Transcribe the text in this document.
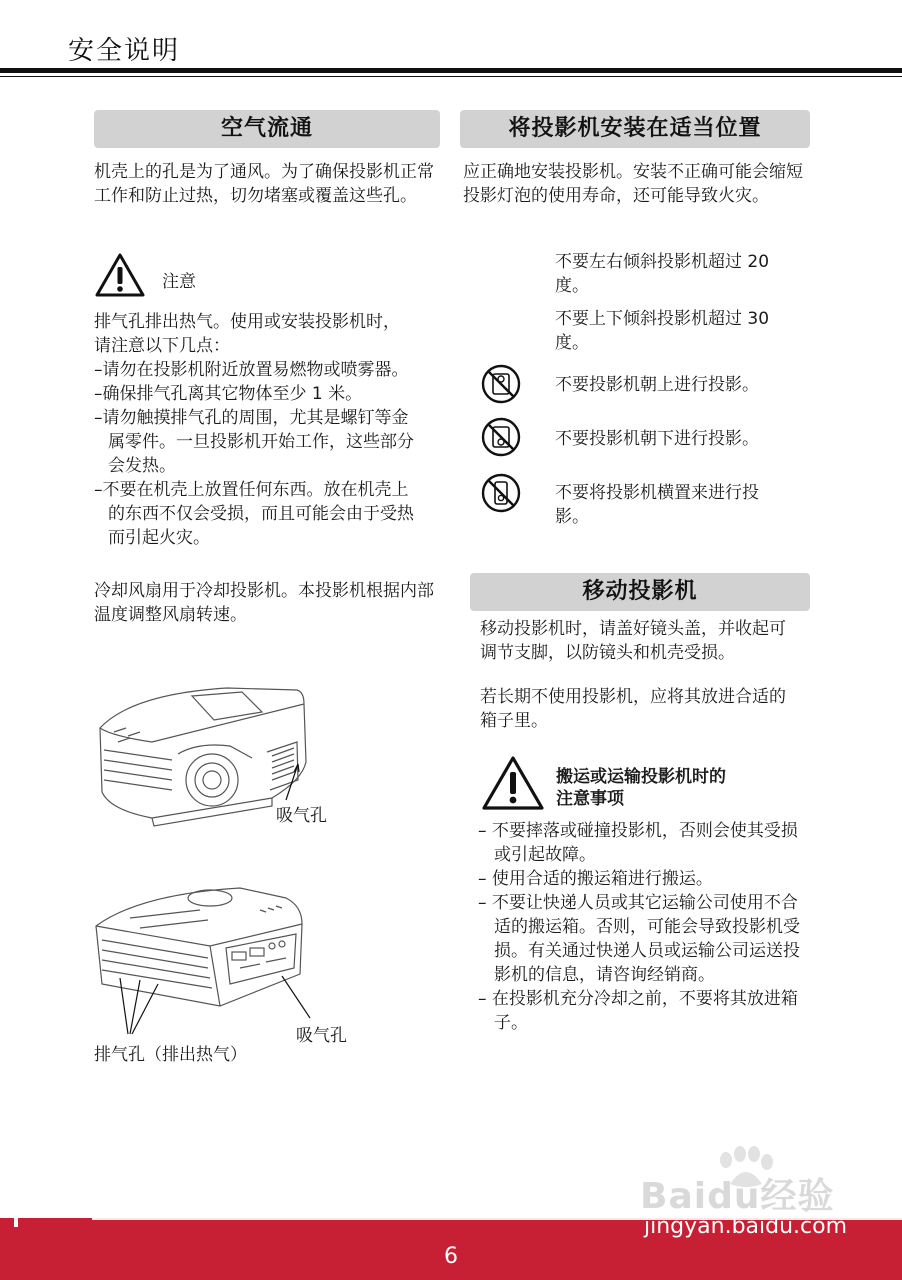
安全说明
空气流通
机壳上的孔是为了通风。为了确保投影机正常工作和防止过热，切勿堵塞或覆盖这些孔。
注意
排气孔排出热气。使用或安装投影机时，
请注意以下几点：
–请勿在投影机附近放置易燃物或喷雾器。
–确保排气孔离其它物体至少 1 米。
–请勿触摸排气孔的周围，尤其是螺钉等金属零件。一旦投影机开始工作，这些部分会发热。
–不要在机壳上放置任何东西。放在机壳上的东西不仅会受损，而且可能会由于受热而引起火灾。
冷却风扇用于冷却投影机。本投影机根据内部温度调整风扇转速。
吸气孔
吸气孔
排气孔（排出热气）
将投影机安装在适当位置
应正确地安装投影机。安装不正确可能会缩短投影灯泡的使用寿命，还可能导致火灾。
不要左右倾斜投影机超过 20 度。
不要上下倾斜投影机超过 30 度。
不要投影机朝上进行投影。
不要投影机朝下进行投影。
不要将投影机横置来进行投影。
移动投影机
移动投影机时，请盖好镜头盖，并收起可调节支脚，以防镜头和机壳受损。
若长期不使用投影机，应将其放进合适的箱子里。
搬运或运输投影机时的
注意事项
– 不要摔落或碰撞投影机，否则会使其受损或引起故障。
– 使用合适的搬运箱进行搬运。
– 不要让快递人员或其它运输公司使用不合适的搬运箱。否则，可能会导致投影机受损。有关通过快递人员或运输公司运送投影机的信息，请咨询经销商。
– 在投影机充分冷却之前，不要将其放进箱子。
6
Baidu经验
jingyan.baidu.com
